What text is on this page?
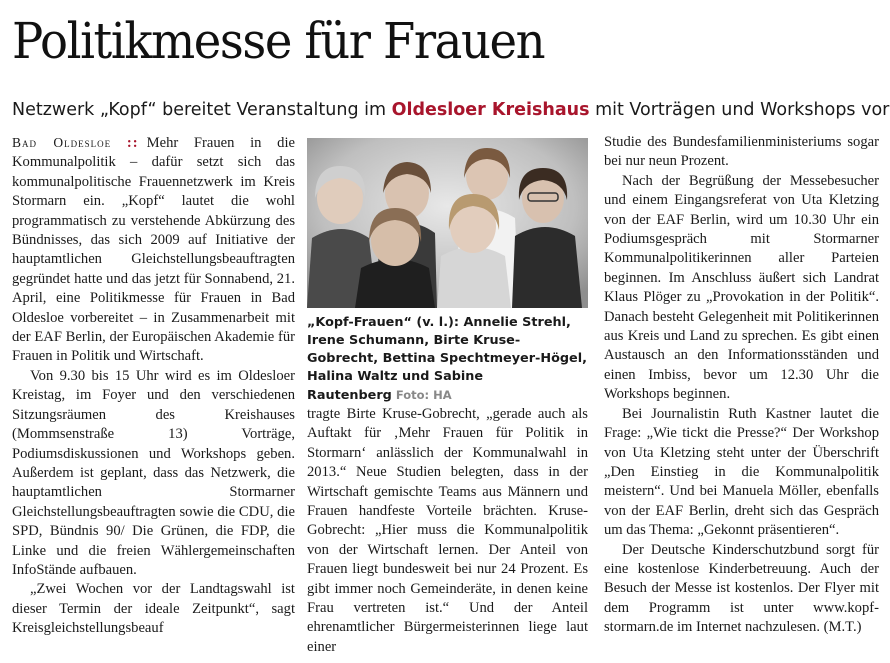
Politikmesse für Frauen
Netzwerk „Kopf“ bereitet Veranstaltung im Oldesloer Kreishaus mit Vorträgen und Workshops vor

Bad Oldesloe :: Mehr Frauen in die Kommunalpolitik – dafür setzt sich das kommunalpolitische Frauennetzwerk im Kreis Stormarn ein. „Kopf“ lautet die wohl programmatisch zu verstehende Abkürzung des Bündnisses, das sich 2009 auf Initiative der hauptamtlichen Gleichstellungsbeauftragten gegründet hatte und das jetzt für Sonnabend, 21. April, eine Politikmesse für Frauen in Bad Oldesloe vorbereitet – in Zusammenarbeit mit der EAF Berlin, der Europäischen Akademie für Frauen in Politik und Wirtschaft.

Von 9.30 bis 15 Uhr wird es im Oldesloer Kreistag, im Foyer und den verschiedenen Sitzungsräumen des Kreishauses (Mommsenstraße 13) Vorträge, Podiumsdiskussionen und Workshops geben. Außerdem ist geplant, dass das Netzwerk, die hauptamtlichen Stormarner Gleichstellungsbeauftragten sowie die CDU, die SPD, Bündnis 90/ Die Grünen, die FDP, die Linke und die freien Wählergemeinschaften InfoStände aufbauen.

„Zwei Wochen vor der Landtagswahl ist dieser Termin der ideale Zeitpunkt“, sagt Kreisgleichstellungsbeauf

„Kopf-Frauen“ (v. l.): Annelie Strehl, Irene Schumann, Birte Kruse-Gobrecht, Bettina Spechtmeyer-Högel, Halina Waltz und Sabine Rautenberg Foto: HA

tragte Birte Kruse-Gobrecht, „gerade auch als Auftakt für ‚Mehr Frauen für Politik in Stormarn‘ anlässlich der Kommunalwahl in 2013.“ Neue Studien belegten, dass in der Wirtschaft gemischte Teams aus Männern und Frauen handfeste Vorteile brächten. Kruse-Gobrecht: „Hier muss die Kommunalpolitik von der Wirtschaft lernen. Der Anteil von Frauen liegt bundesweit bei nur 24 Prozent. Es gibt immer noch Gemeinderäte, in denen keine Frau vertreten ist.“ Und der Anteil ehrenamtlicher Bürgermeisterinnen liege laut einer

Studie des Bundesfamilienministeriums sogar bei nur neun Prozent.

Nach der Begrüßung der Messebesucher und einem Eingangsreferat von Uta Kletzing von der EAF Berlin, wird um 10.30 Uhr ein Podiumsgespräch mit Stormarner Kommunalpolitikerinnen aller Parteien beginnen. Im Anschluss äußert sich Landrat Klaus Plöger zu „Provokation in der Politik“. Danach besteht Gelegenheit mit Politikerinnen aus Kreis und Land zu sprechen. Es gibt einen Austausch an den Informationsständen und einen Imbiss, bevor um 12.30 Uhr die Workshops beginnen.

Bei Journalistin Ruth Kastner lautet die Frage: „Wie tickt die Presse?“ Der Workshop von Uta Kletzing steht unter der Überschrift „Den Einstieg in die Kommunalpolitik meistern“. Und bei Manuela Möller, ebenfalls von der EAF Berlin, dreht sich das Gespräch um das Thema: „Gekonnt präsentieren“.

Der Deutsche Kinderschutzbund sorgt für eine kostenlose Kinderbetreuung. Auch der Besuch der Messe ist kostenlos. Der Flyer mit dem Programm ist unter www.kopf-stormarn.de im Internet nachzulesen. (M.T.)
